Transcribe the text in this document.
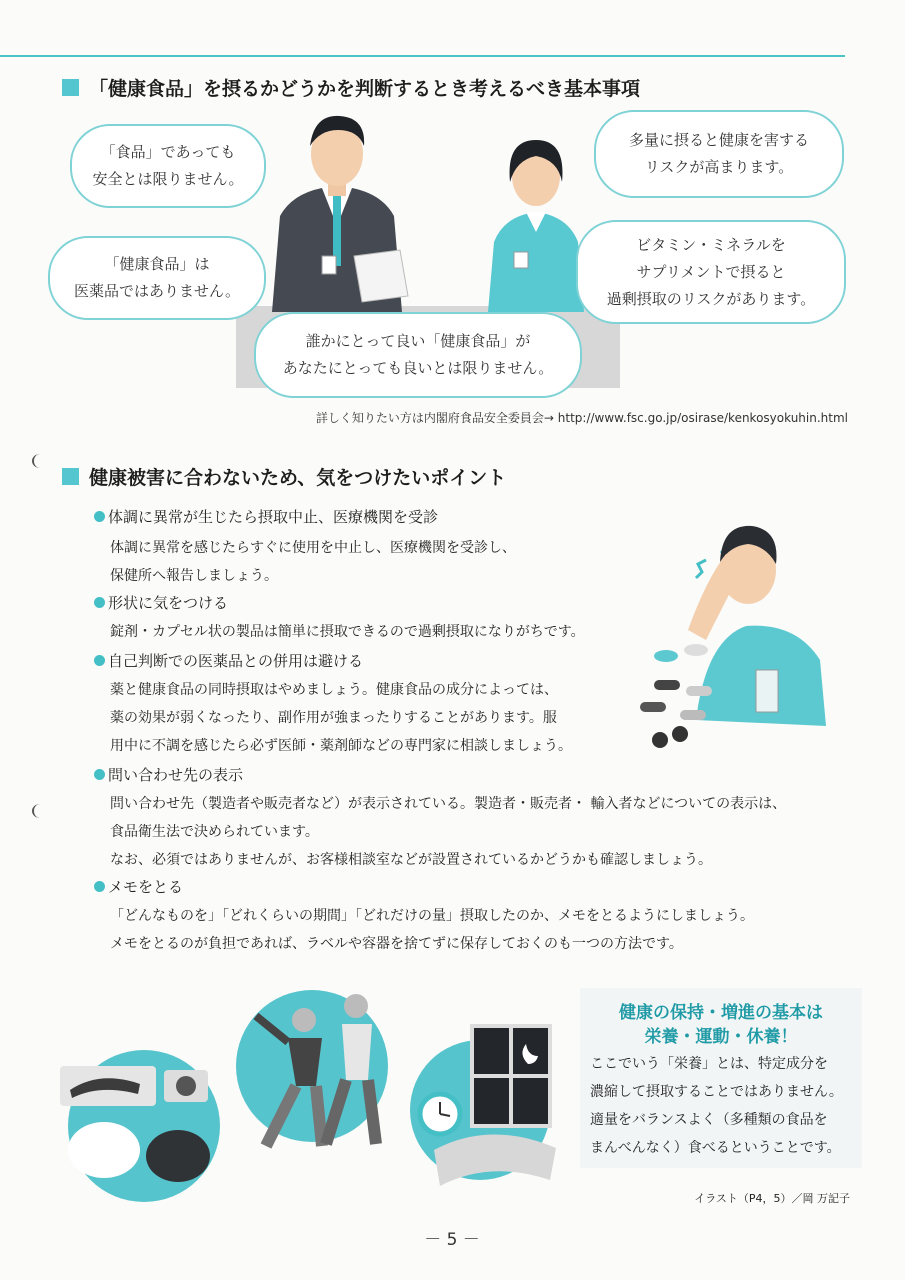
「健康食品」を摂るかどうかを判断するとき考えるべき基本事項
「食品」であっても
安全とは限りません。
「健康食品」は
医薬品ではありません。
多量に摂ると健康を害する
リスクが高まります。
ビタミン・ミネラルを
サプリメントで摂ると
過剰摂取のリスクがあります。
誰かにとって良い「健康食品」が
あなたにとっても良いとは限りません。
詳しく知りたい方は内閣府食品安全委員会→ http://www.fsc.go.jp/osirase/kenkosyokuhin.html
健康被害に合わないため、気をつけたいポイント
体調に異常が生じたら摂取中止、医療機関を受診
体調に異常を感じたらすぐに使用を中止し、医療機関を受診し、
保健所へ報告しましょう。
形状に気をつける
錠剤・カプセル状の製品は簡単に摂取できるので過剰摂取になりがちです。
自己判断での医薬品との併用は避ける
薬と健康食品の同時摂取はやめましょう。健康食品の成分によっては、
薬の効果が弱くなったり、副作用が強まったりすることがあります。服
用中に不調を感じたら必ず医師・薬剤師などの専門家に相談しましょう。
問い合わせ先の表示
問い合わせ先（製造者や販売者など）が表示されている。製造者・販売者・ 輸入者などについての表示は、
食品衛生法で決められています。
なお、必須ではありませんが、お客様相談室などが設置されているかどうかも確認しましょう。
メモをとる
「どんなものを」「どれくらいの期間」「どれだけの量」摂取したのか、メモをとるようにしましょう。
メモをとるのが負担であれば、ラベルや容器を捨てずに保存しておくのも一つの方法です。
健康の保持・増進の基本は
栄養・運動・休養！
ここでいう「栄養」とは、特定成分を
濃縮して摂取することではありません。
適量をバランスよく（多種類の食品を
まんべんなく）食べるということです。
イラスト（P4，5）／岡 万記子
－ 5 －
